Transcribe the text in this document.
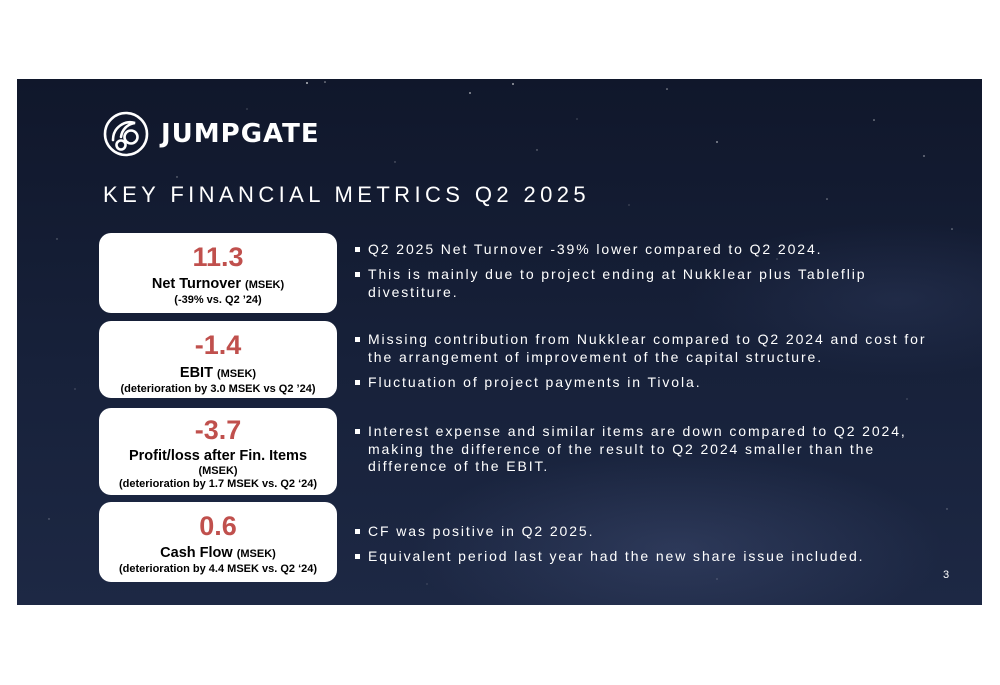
JUMPGATE
KEY FINANCIAL METRICS Q2 2025
11.3
Net Turnover (MSEK)
(-39% vs. Q2 ’24)
-1.4
EBIT (MSEK)
(deterioration by 3.0 MSEK vs Q2 ’24)
-3.7
Profit/loss after Fin. Items
(MSEK)
(deterioration by 1.7 MSEK vs. Q2 ‘24)
0.6
Cash Flow (MSEK)
(deterioration by 4.4 MSEK vs. Q2 ‘24)
Q2 2025 Net Turnover -39% lower compared to Q2 2024.
This is mainly due to project ending at Nukklear plus Tableflip divestiture.
Missing contribution from Nukklear compared to Q2 2024 and cost for the arrangement of improvement of the capital structure.
Fluctuation of project payments in Tivola.
Interest expense and similar items are down compared to Q2 2024, making the difference of the result to Q2 2024 smaller than the difference of the EBIT.
CF was positive in Q2 2025.
Equivalent period last year had the new share issue included.
3
